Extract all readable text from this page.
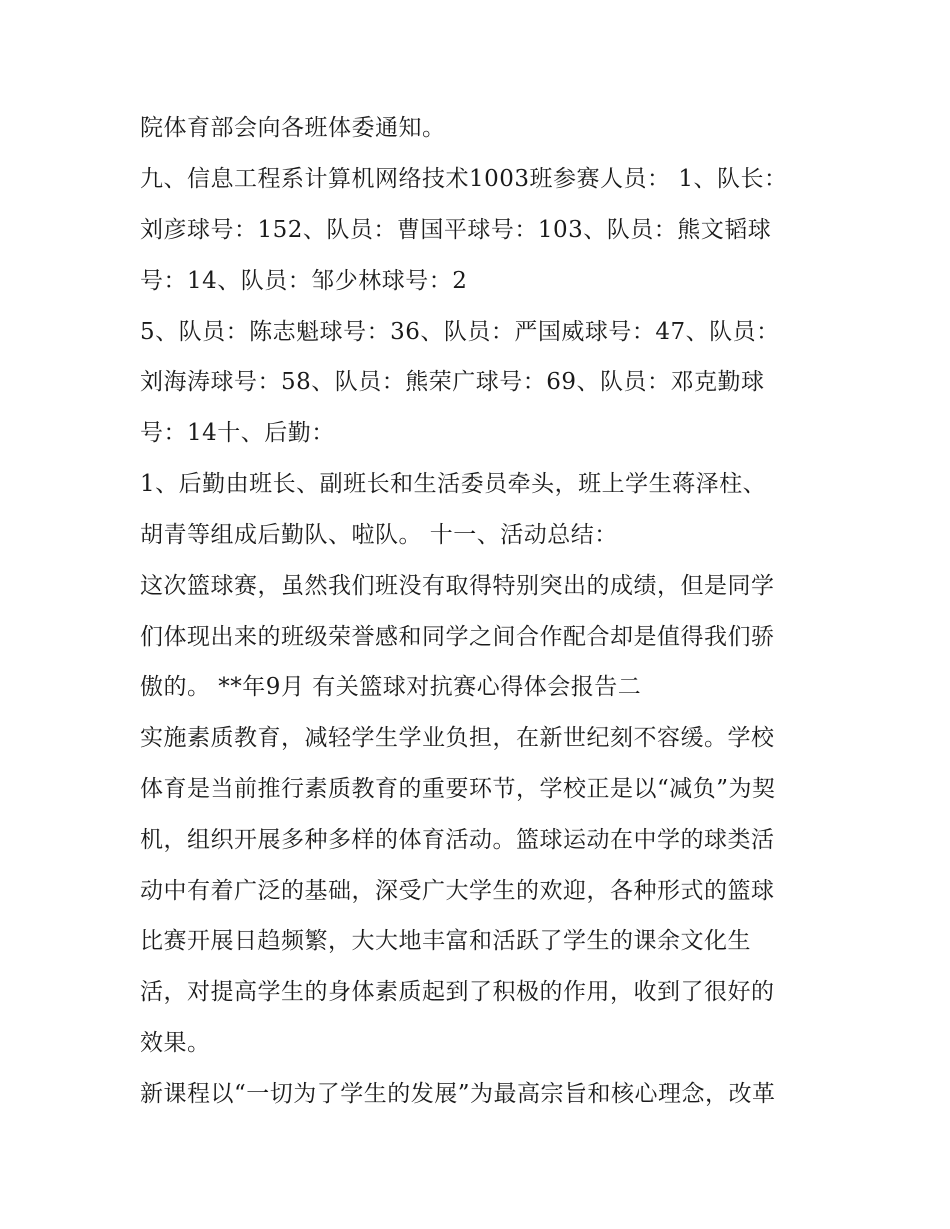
院体育部会向各班体委通知。
九、信息工程系计算机网络技术1003班参赛人员： 1、队长：
刘彦球号：152、队员：曹国平球号：103、队员：熊文韬球
号：14、队员：邹少林球号：2
5、队员：陈志魁球号：36、队员：严国威球号：47、队员：
刘海涛球号：58、队员：熊荣广球号：69、队员：邓克勤球
号：14十、后勤：
1、后勤由班长、副班长和生活委员牵头，班上学生蒋泽柱、
胡青等组成后勤队、啦队。 十一、活动总结：
这次篮球赛，虽然我们班没有取得特别突出的成绩，但是同学
们体现出来的班级荣誉感和同学之间合作配合却是值得我们骄
傲的。 **年9月 有关篮球对抗赛心得体会报告二
实施素质教育，减轻学生学业负担，在新世纪刻不容缓。学校
体育是当前推行素质教育的重要环节，学校正是以“减负”为契
机，组织开展多种多样的体育活动。篮球运动在中学的球类活
动中有着广泛的基础，深受广大学生的欢迎，各种形式的篮球
比赛开展日趋频繁，大大地丰富和活跃了学生的课余文化生
活，对提高学生的身体素质起到了积极的作用，收到了很好的
效果。
新课程以“一切为了学生的发展”为最高宗旨和核心理念，改革
